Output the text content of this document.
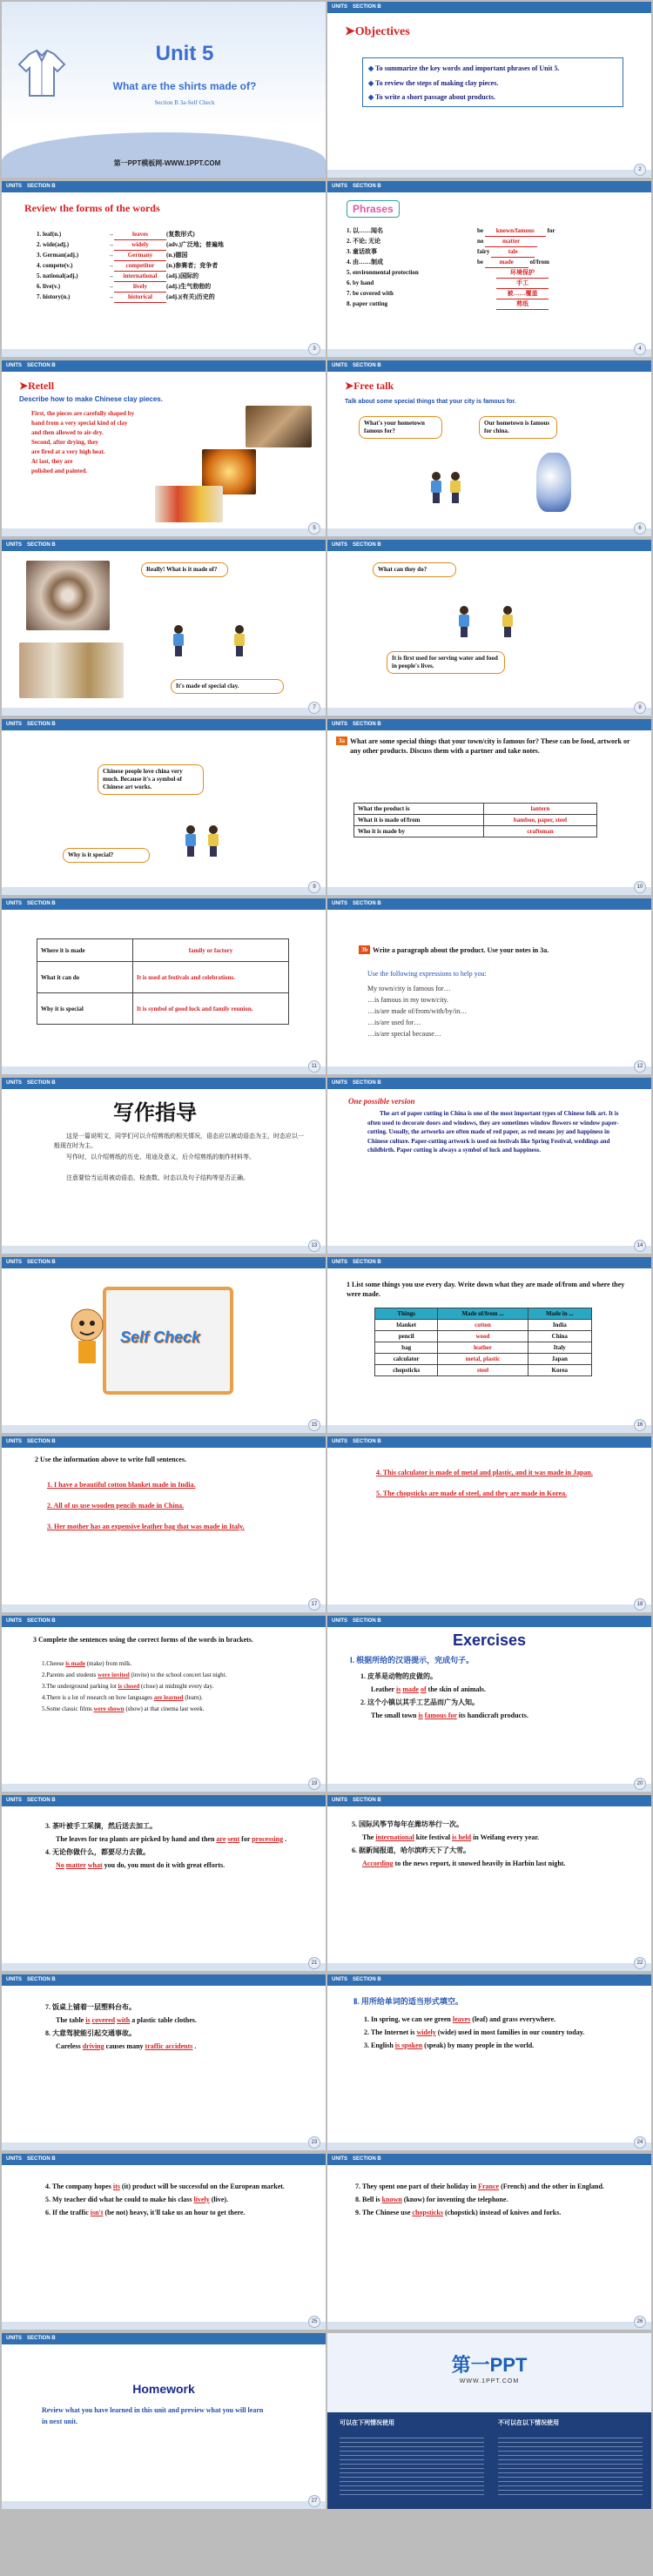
Unit 5
What are the shirts made of?
Section B 3a-Self Check
第一PPT模板网-WWW.1PPT.COM
UNITS SECTION B
➤Objectives
◆ To summarize the key words and important phrases of Unit 5.
◆ To review the steps of making clay pieces.
◆ To write a short passage about products.
2
UNITS SECTION B
Review the forms of the words
1. leaf(n.)	→	leaves	(复数形式)
2. wide(adj.)	→	widely	(adv.)广泛地；普遍地
3. German(adj.)	→ Germany (n.)德国
4. compete(v.)	→ competitor (n.)参赛者；竞争者
5. national(adj.)	→ international (adj.)国际的
6. live(v.)	→	lively	(adj.)生气勃勃的
7. history(n.)	→ historical (adj.)(有关)历史的
3
UNITS SECTION B
Phrases
1. 以……闻名	be known/famous for
2. 不论; 无论	no	matter
3. 童话故事	fairy	tale
4. 由……制成	be	made	of/from
5. environmental protection	环境保护
6. by hand	手工
7. be covered with	被……覆盖
8. paper cutting	剪纸
4
UNITS SECTION B
➤Retell
Describe how to make Chinese clay pieces.
First, the pieces are carefully shaped by
hand from a very special kind of clay
and then allowed to air-dry.
Second, after drying, they
are fired at a very high heat.
At last, they are
polished and painted.
5
UNITS SECTION B
➤Free talk
Talk about some special things that your city is famous for.
What's your hometown famous for?
Our hometown is famous for china.
6
UNITS SECTION B
Really! What is it made of?
It's made of special clay.
7
UNITS SECTION B
What can they do?
It is first used for serving water and food in people's lives.
8
UNITS SECTION B
Chinese people love china very much. Because it's a symbol of Chinese art works.
Why is it special?
9
UNITS SECTION B
3a What are some special things that your town/city is famous for? These can be food, artwork or any other products. Discuss them with a partner and take notes.
What the product is	lantern
What it is made of/from	bamboo, paper, steel
Who it is made by	craftsman
10
UNITS SECTION B
Where it is made	family or factory
What it can do	It is used at festivals and celebrations.
Why it is special	It is symbol of good luck and family reunion.
11
UNITS SECTION B
3b Write a paragraph about the product. Use your notes in 3a.
Use the following expressions to help you:
My town/city is famous for…
…is famous in my town/city.
…is/are made of/from/with/by/in…
…is/are used for…
…is/are special because…
12
UNITS SECTION B
写作指导
这是一篇说明文，同学们可以介绍剪纸的相关情况，语态应以被动语态为主，时态应以一般现在时为主。
写作时，以介绍剪纸的历史、用途及意义，后介绍剪纸的制作材料等。
注意要恰当运用被动语态，检查数、时态以及句子结构等是否正确。
13
UNITS SECTION B
One possible version
The art of paper cutting in China is one of the most important types of Chinese folk art. It is often used to decorate doors and windows, they are sometimes window flowers or window paper-cutting. Usually, the artworks are often made of red paper, as red means joy and happiness in Chinese culture. Paper-cutting artwork is used on festivals like Spring Festival, weddings and childbirth. Paper cutting is always a symbol of luck and happiness.
14
UNITS SECTION B
Self Check
15
UNITS SECTION B
1 List some things you use every day. Write down what they are made of/from and where they were made.
Things	Made of/from ...	Made in ...
blanket	cotton	India
pencil	wood	China
bag	leather	Italy
calculator	metal, plastic	Japan
chopsticks	steel	Korea
16
UNITS SECTION B
2 Use the information above to write full sentences.
1. I have a beautiful cotton blanket made in India.
2. All of us use wooden pencils made in China.
3. Her mother has an expensive leather bag that was made in Italy.
17
UNITS SECTION B
4. This calculator is made of metal and plastic, and it was made in Japan.
5. The chopsticks are made of steel, and they are made in Korea.
18
UNITS SECTION B
3 Complete the sentences using the correct forms of the words in brackets.
1.Cheese is made (make) from milk.
2.Parents and students were invited (invite) to the school concert last night.
3.The underground parking lot is closed (close) at midnight every day.
4.There is a lot of research on how languages are learned (learn).
5.Some classic films were shown (show) at that cinema last week.
19
UNITS SECTION B
Exercises
Ⅰ. 根据所给的汉语提示，完成句子。
1. 皮革是动物的皮做的。
Leather is made of the skin of animals.
2. 这个小镇以其手工艺品而广为人知。
The small town is famous for its handicraft products.
20
UNITS SECTION B
3. 茶叶被手工采摘，然后送去加工。
The leaves for tea plants are picked by hand and then are sent for processing .
4. 无论你做什么，都要尽力去做。
No matter what you do, you must do it with great efforts.
21
UNITS SECTION B
5. 国际风筝节每年在潍坊举行一次。
The international kite festival is held in Weifang every year.
6. 据新闻报道，哈尔滨昨天下了大雪。
According to the news report, it snowed heavily in Harbin last night.
22
UNITS SECTION B
7. 饭桌上铺着一层塑料台布。
The table is covered with a plastic table clothes.
8. 大意驾驶能引起交通事故。
Careless driving causes many traffic accidents .
23
UNITS SECTION B
Ⅱ. 用所给单词的适当形式填空。
1. In spring, we can see green leaves (leaf) and grass everywhere.
2. The Internet is widely (wide) used in most families in our country today.
3. English is spoken (speak) by many people in the world.
24
UNITS SECTION B
4. The company hopes its (it) product will be successful on the European market.
5. My teacher did what he could to make his class lively (live).
6. If the traffic isn't (be not) heavy, it'll take us an hour to get there.
25
UNITS SECTION B
7. They spent one part of their holiday in France (French) and the other in England.
8. Bell is known (know) for inventing the telephone.
9. The Chinese use chopsticks (chopstick) instead of knives and forks.
26
UNITS SECTION B
Homework
Review what you have learned in this unit and preview what you will learn in next unit.
27
第一PPT
WWW.1PPT.COM
可以在下列情况使用	不可以在以下情况使用
